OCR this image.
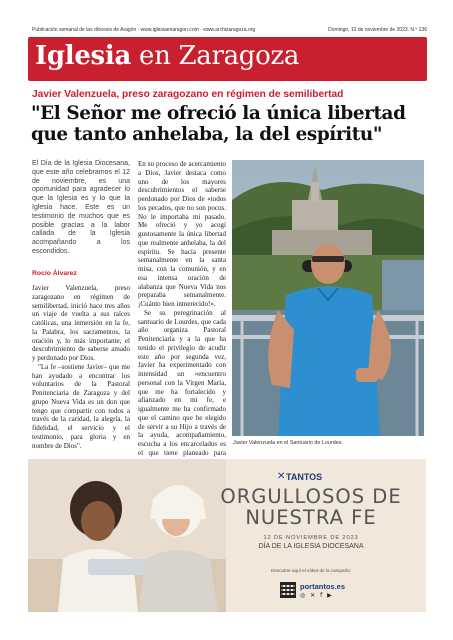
Publicación semanal de las diócesis de Aragón · www.iglesiaenaragon.com · www.archizaragoza.org	Domingo, 12 de noviembre de 2023. N.º 136
Iglesia en Zaragoza
Javier Valenzuela, preso zaragozano en régimen de semilibertad
"El Señor me ofreció la única libertad que tanto anhelaba, la del espíritu"
El Día de la Iglesia Diocesana, que este año celebramos el 12 de noviembre, es una oportunidad para agradecer lo que la Iglesia es y lo que la Iglesia hace. Este es un testimonio de muchos que es posible gracias a la labor callada de la Iglesia acompañando a los escondidos.
Rocío Álvarez

Javier Valenzuela, preso zaragozano en régimen de semilibertad, inició hace tres años un viaje de vuelta a sus raíces católicas, una inmersión en la fe, la Palabra, los sacramentos, la oración y, lo más importante, el descubrimiento de saberse amado y perdonado por Dios.

"La fe –sostiene Javier– que me han ayudado a encontrar los voluntarios de la Pastoral Penitenciaria de Zaragoza y del grupo Nueva Vida es un don que tengo que compartir con todos a través de la caridad, la alegría, la fidelidad, el servicio y el testimonio, para gloria y en nombre de Dios".

En su proceso de acercamiento a Dios, Javier destaca como uno de los mayores descubrimientos el saberse perdonado por Dios de «todos los pecados, que no son pocos. No le importaba mi pasado. Me ofreció y yo acogí gustosamente la única libertad que realmente anhelaba, la del espíritu. Se hacía presente semanalmente en la santa misa, con la comunión, y en esa intensa oración de alabanza que Nueva Vida nos preparaba semanalmente. ¡Cuánto bien inmerecido!».

Se su peregrinación al santuario de Lourdes, que cada año organiza Pastoral Penitenciaria y a la que ha tenido el privilegio de acudir este año por segunda vez, Javier ha experimentado con intensidad un «encuentro personal con la Virgen María, que me ha fortalecido y afianzado en mi fe, e igualmente me ha confirmado que el camino que he elegido de servir a su Hijo a través de la ayuda, acompañamiento, escucha a los encarcelados es el que tiene planeado para

Javier Valenzuela en el Santuario de Lourdes.
✕ TANTOS
ORGULLOSOS DE NUESTRA FE
12 DE NOVIEMBRE DE 2023
DÍA DE LA IGLESIA DIOCESANA
Descubre aquí el vídeo de la campaña:
portantos.es
◎ ✕ f ▶
